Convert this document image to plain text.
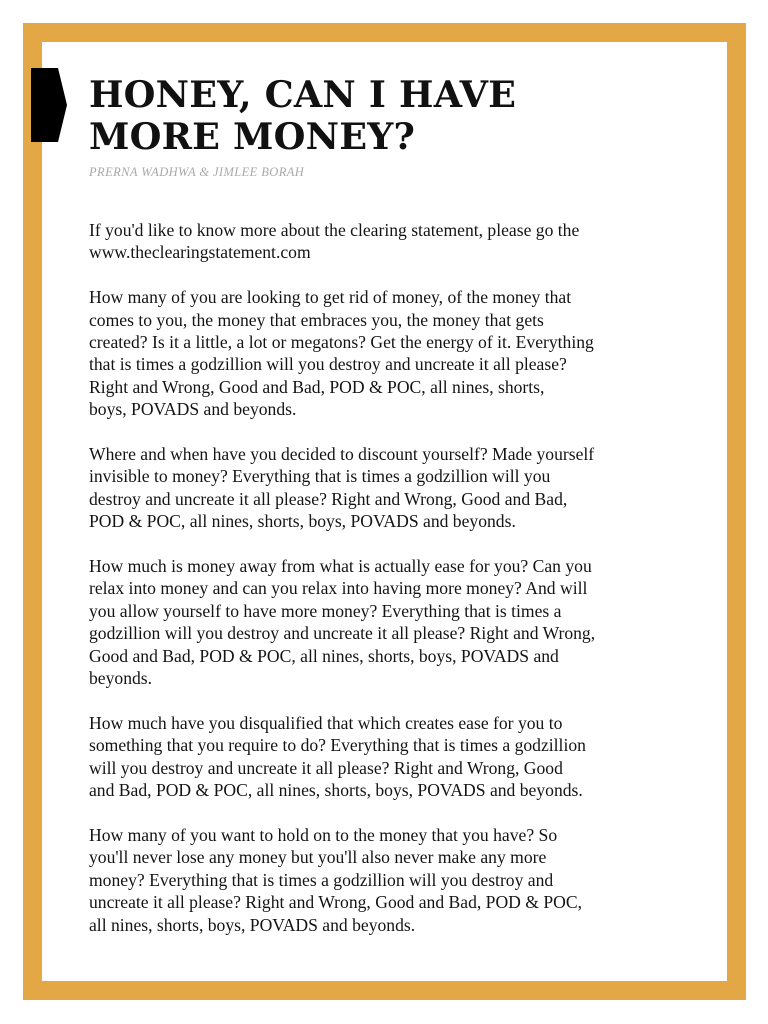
HONEY, CAN I HAVE
MORE MONEY?
PRERNA WADHWA & JIMLEE BORAH

If you'd like to know more about the clearing statement, please go the
www.theclearingstatement.com

How many of you are looking to get rid of money, of the money that
comes to you, the money that embraces you, the money that gets
created? Is it a little, a lot or megatons? Get the energy of it. Everything
that is times a godzillion will you destroy and uncreate it all please?
Right and Wrong, Good and Bad, POD & POC, all nines, shorts,
boys, POVADS and beyonds.

Where and when have you decided to discount yourself? Made yourself
invisible to money? Everything that is times a godzillion will you
destroy and uncreate it all please? Right and Wrong, Good and Bad,
POD & POC, all nines, shorts, boys, POVADS and beyonds.

How much is money away from what is actually ease for you? Can you
relax into money and can you relax into having more money? And will
you allow yourself to have more money? Everything that is times a
godzillion will you destroy and uncreate it all please? Right and Wrong,
Good and Bad, POD & POC, all nines, shorts, boys, POVADS and
beyonds.

How much have you disqualified that which creates ease for you to
something that you require to do? Everything that is times a godzillion
will you destroy and uncreate it all please? Right and Wrong, Good
and Bad, POD & POC, all nines, shorts, boys, POVADS and beyonds.

How many of you want to hold on to the money that you have? So
you'll never lose any money but you'll also never make any more
money? Everything that is times a godzillion will you destroy and
uncreate it all please? Right and Wrong, Good and Bad, POD & POC,
all nines, shorts, boys, POVADS and beyonds.
